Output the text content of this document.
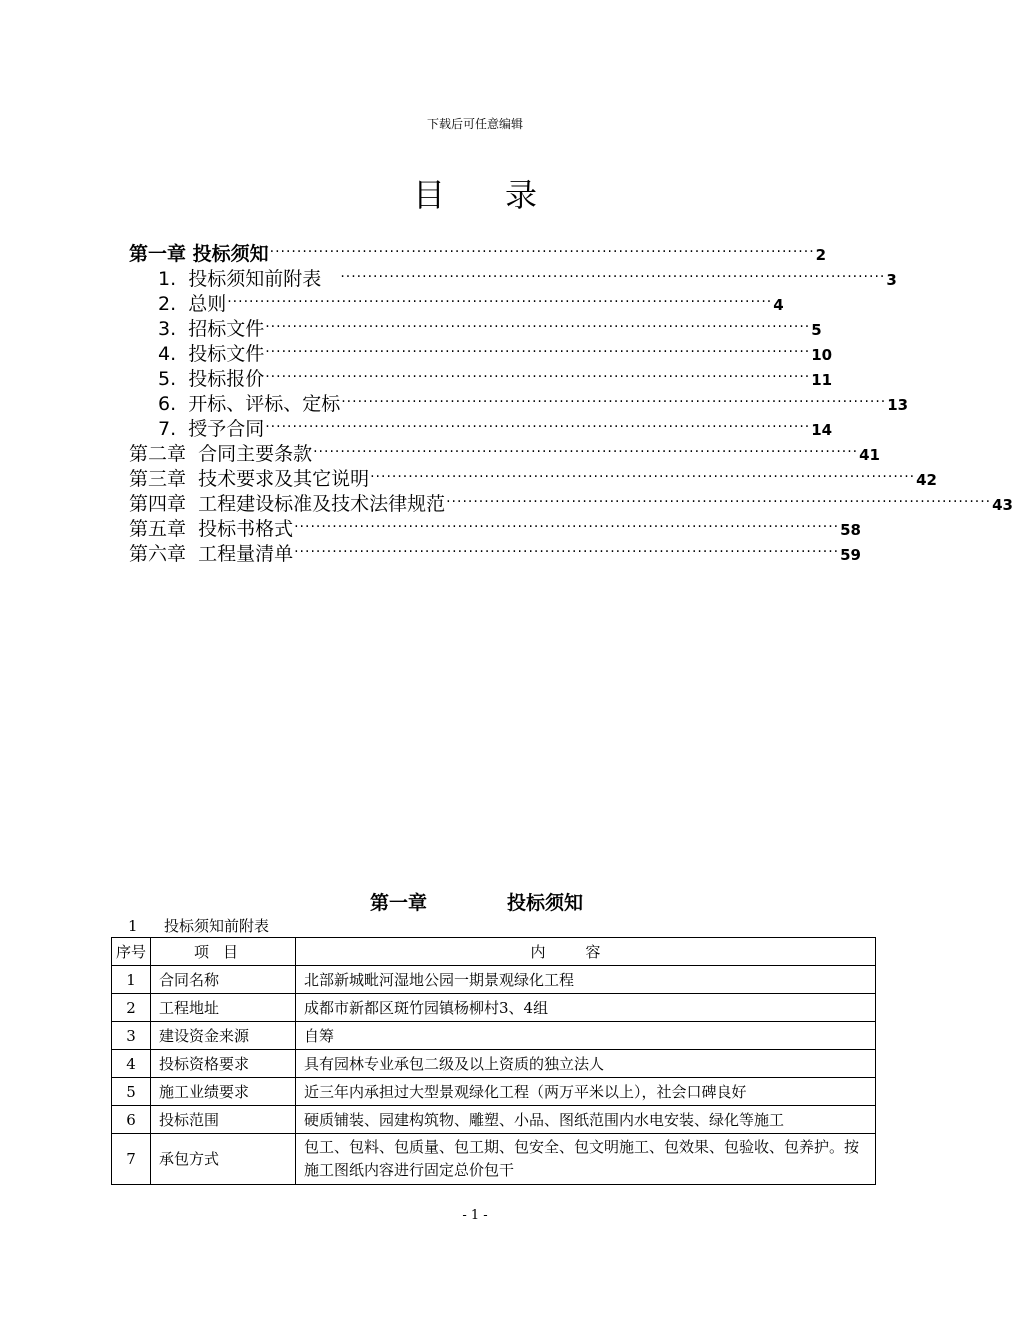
下载后可任意编辑
目录
第一章 投标须知 ···································································································· 2
1.  投标须知前附表 ···································································································· 3
2.  总则 ···································································································· 4
3.  招标文件 ···································································································· 5
4.  投标文件 ···································································································· 10
5.  投标报价 ···································································································· 11
6.  开标、评标、定标 ···································································································· 13
7.  授予合同 ···································································································· 14
第二章  合同主要条款 ···································································································· 41
第三章  技术要求及其它说明 ···································································································· 42
第四章  工程建设标准及技术法律规范 ···································································································· 43
第五章  投标书格式 ···································································································· 58
第六章  工程量清单 ···································································································· 59
第一章	投标须知
1 投标须知前附表
序号	项目	内容
1	合同名称	北部新城毗河湿地公园一期景观绿化工程
2	工程地址	成都市新都区斑竹园镇杨柳村3、4组
3	建设资金来源	自筹
4	投标资格要求	具有园林专业承包二级及以上资质的独立法人
5	施工业绩要求	近三年内承担过大型景观绿化工程（两万平米以上），社会口碑良好
6	投标范围	硬质铺装、园建构筑物、雕塑、小品、图纸范围内水电安装、绿化等施工
7	承包方式	包工、包料、包质量、包工期、包安全、包文明施工、包效果、包验收、包养护。按施工图纸内容进行固定总价包干
- 1 -
